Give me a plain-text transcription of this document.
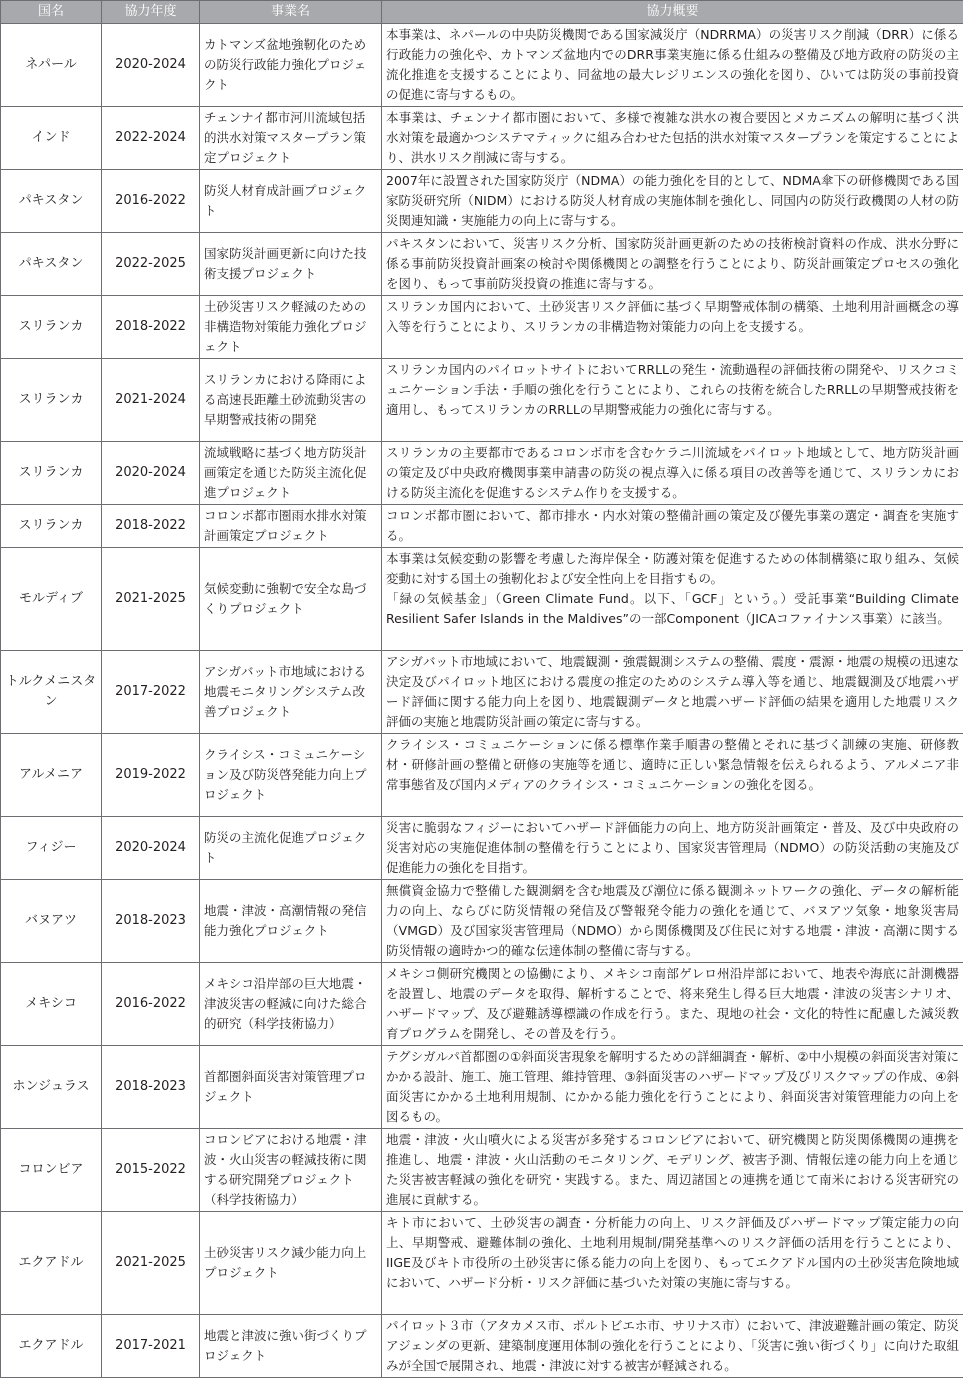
国名	協力年度	事業名	協力概要
ネパール	2020-2024	カトマンズ盆地強靭化のための防災行政能力強化プロジェクト	本事業は、ネパールの中央防災機関である国家減災庁（NDRRMA）の災害リスク削減（DRR）に係る行政能力の強化や、カトマンズ盆地内でのDRR事業実施に係る仕組みの整備及び地方政府の防災の主流化推進を支援することにより、同盆地の最大レジリエンスの強化を図り、ひいては防災の事前投資の促進に寄与するもの。
インド	2022-2024	チェンナイ都市河川流域包括的洪水対策マスタープラン策定プロジェクト	本事業は、チェンナイ都市圏において、多様で複雑な洪水の複合要因とメカニズムの解明に基づく洪水対策を最適かつシステマティックに組み合わせた包括的洪水対策マスタープランを策定することにより、洪水リスク削減に寄与する。
パキスタン	2016-2022	防災人材育成計画プロジェクト	2007年に設置された国家防災庁（NDMA）の能力強化を目的として、NDMA傘下の研修機関である国家防災研究所（NIDM）における防災人材育成の実施体制を強化し、同国内の防災行政機関の人材の防災関連知識・実施能力の向上に寄与する。
パキスタン	2022-2025	国家防災計画更新に向けた技術支援プロジェクト	パキスタンにおいて、災害リスク分析、国家防災計画更新のための技術検討資料の作成、洪水分野に係る事前防災投資計画案の検討や関係機関との調整を行うことにより、防災計画策定プロセスの強化を図り、もって事前防災投資の推進に寄与する。
スリランカ	2018-2022	土砂災害リスク軽減のための非構造物対策能力強化プロジェクト	スリランカ国内において、土砂災害リスク評価に基づく早期警戒体制の構築、土地利用計画概念の導入等を行うことにより、スリランカの非構造物対策能力の向上を支援する。
スリランカ	2021-2024	スリランカにおける降雨による高速長距離土砂流動災害の早期警戒技術の開発	スリランカ国内のパイロットサイトにおいてRRLLの発生・流動過程の評価技術の開発や、リスクコミュニケーション手法・手順の強化を行うことにより、これらの技術を統合したRRLLの早期警戒技術を適用し、もってスリランカのRRLLの早期警戒能力の強化に寄与する。
スリランカ	2020-2024	流域戦略に基づく地方防災計画策定を通じた防災主流化促進プロジェクト	スリランカの主要都市であるコロンボ市を含むケラニ川流域をパイロット地域として、地方防災計画の策定及び中央政府機関事業申請書の防災の視点導入に係る項目の改善等を通じて、スリランカにおける防災主流化を促進するシステム作りを支援する。
スリランカ	2018-2022	コロンボ都市圏雨水排水対策計画策定プロジェクト	コロンボ都市圏において、都市排水・内水対策の整備計画の策定及び優先事業の選定・調査を実施する。
モルディブ	2021-2025	気候変動に強靭で安全な島づくりプロジェクト	本事業は気候変動の影響を考慮した海岸保全・防護対策を促進するための体制構築に取り組み、気候変動に対する国土の強靭化および安全性向上を目指すもの。
「緑の気候基金」（Green Climate Fund。以下、「GCF」という。）受託事業“Building Climate Resilient Safer Islands in the Maldives”の一部Component（JICAコファイナンス事業）に該当。

トルクメニスタン	2017-2022	アシガバット市地域における地震モニタリングシステム改善プロジェクト	アシガバット市地域において、地震観測・強震観測システムの整備、震度・震源・地震の規模の迅速な決定及びパイロット地区における震度の推定のためのシステム導入等を通じ、地震観測及び地震ハザード評価に関する能力向上を図り、地震観測データと地震ハザード評価の結果を適用した地震リスク評価の実施と地震防災計画の策定に寄与する。
アルメニア	2019-2022	クライシス・コミュニケーション及び防災啓発能力向上プロジェクト	クライシス・コミュニケーションに係る標準作業手順書の整備とそれに基づく訓練の実施、研修教材・研修計画の整備と研修の実施等を通じ、適時に正しい緊急情報を伝えられるよう、アルメニア非常事態省及び国内メディアのクライシス・コミュニケーションの強化を図る。
フィジー	2020-2024	防災の主流化促進プロジェクト	災害に脆弱なフィジーにおいてハザード評価能力の向上、地方防災計画策定・普及、及び中央政府の災害対応の実施促進体制の整備を行うことにより、国家災害管理局（NDMO）の防災活動の実施及び促進能力の強化を目指す。
バヌアツ	2018-2023	地震・津波・高潮情報の発信能力強化プロジェクト	無償資金協力で整備した観測網を含む地震及び潮位に係る観測ネットワークの強化、データの解析能力の向上、ならびに防災情報の発信及び警報発令能力の強化を通じて、バヌアツ気象・地象災害局（VMGD）及び国家災害管理局（NDMO）から関係機関及び住民に対する地震・津波・高潮に関する防災情報の適時かつ的確な伝達体制の整備に寄与する。
メキシコ	2016-2022	メキシコ沿岸部の巨大地震・津波災害の軽減に向けた総合的研究（科学技術協力）	メキシコ側研究機関との協働により、メキシコ南部ゲレロ州沿岸部において、地表や海底に計測機器を設置し、地震のデータを取得、解析することで、将来発生し得る巨大地震・津波の災害シナリオ、ハザードマップ、及び避難誘導標識の作成を行う。また、現地の社会・文化的特性に配慮した減災教育プログラムを開発し、その普及を行う。
ホンジュラス	2018-2023	首都圏斜面災害対策管理プロジェクト	テグシガルパ首都圏の①斜面災害現象を解明するための詳細調査・解析、②中小規模の斜面災害対策にかかる設計、施工、施工管理、維持管理、③斜面災害のハザードマップ及びリスクマップの作成、④斜面災害にかかる土地利用規制、にかかる能力強化を行うことにより、斜面災害対策管理能力の向上を図るもの。
コロンビア	2015-2022	コロンビアにおける地震・津波・火山災害の軽減技術に関する研究開発プロジェクト（科学技術協力）	地震・津波・火山噴火による災害が多発するコロンビアにおいて、研究機関と防災関係機関の連携を推進し、地震・津波・火山活動のモニタリング、モデリング、被害予測、情報伝達の能力向上を通じた災害被害軽減の強化を研究・実践する。また、周辺諸国との連携を通じて南米における災害研究の進展に貢献する。
エクアドル	2021-2025	土砂災害リスク減少能力向上プロジェクト	キト市において、土砂災害の調査・分析能力の向上、リスク評価及びハザードマップ策定能力の向上、早期警戒、避難体制の強化、土地利用規制/開発基準へのリスク評価の活用を行うことにより、IIGE及びキト市役所の土砂災害に係る能力の向上を図り、もってエクアドル国内の土砂災害危険地域において、ハザード分析・リスク評価に基づいた対策の実施に寄与する。
エクアドル	2017-2021	地震と津波に強い街づくりプロジェクト	パイロット３市（アタカメス市、ポルトビエホ市、サリナス市）において、津波避難計画の策定、防災アジェンダの更新、建築制度運用体制の強化を行うことにより、「災害に強い街づくり」に向けた取組みが全国で展開され、地震・津波に対する被害が軽減される。
